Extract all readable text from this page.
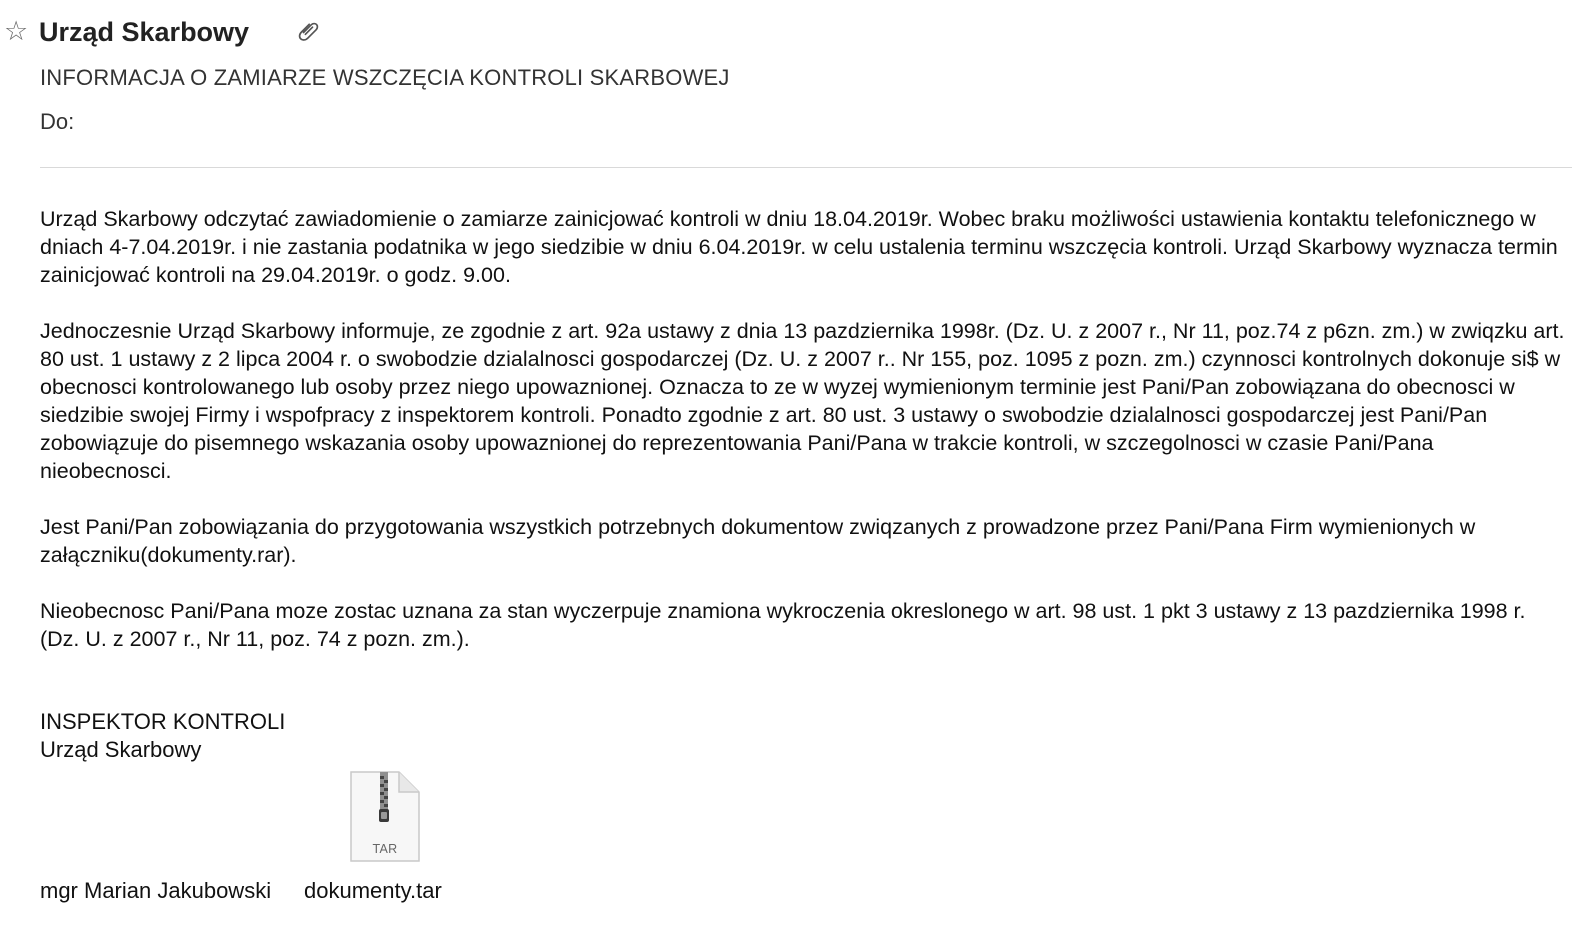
☆ Urząd Skarbowy
INFORMACJA O ZAMIARZE WSZCZĘCIA KONTROLI SKARBOWEJ
Do:

Urząd Skarbowy odczytać zawiadomienie o zamiarze zainicjować kontroli w dniu 18.04.2019r. Wobec braku możliwości ustawienia kontaktu telefonicznego w dniach 4-7.04.2019r. i nie zastania podatnika w jego siedzibie w dniu 6.04.2019r. w celu ustalenia terminu wszczęcia kontroli. Urząd Skarbowy wyznacza termin zainicjować kontroli na 29.04.2019r. o godz. 9.00.

Jednoczesnie Urząd Skarbowy informuje, ze zgodnie z art. 92a ustawy z dnia 13 pazdziernika 1998r. (Dz. U. z 2007 r., Nr 11, poz.74 z p6zn. zm.) w zwiqzku art. 80 ust. 1 ustawy z 2 lipca 2004 r. o swobodzie dzialalnosci gospodarczej (Dz. U. z 2007 r.. Nr 155, poz. 1095 z pozn. zm.) czynnosci kontrolnych dokonuje si$ w obecnosci kontrolowanego lub osoby przez niego upowaznionej. Oznacza to ze w wyzej wymienionym terminie jest Pani/Pan zobowiązana do obecnosci w siedzibie swojej Firmy i wspofpracy z inspektorem kontroli. Ponadto zgodnie z art. 80 ust. 3 ustawy o swobodzie dzialalnosci gospodarczej jest Pani/Pan zobowiązuje do pisemnego wskazania osoby upowaznionej do reprezentowania Pani/Pana w trakcie kontroli, w szczegolnosci w czasie Pani/Pana nieobecnosci.

Jest Pani/Pan zobowiązania do przygotowania wszystkich potrzebnych dokumentow zwiqzanych z prowadzone przez Pani/Pana Firm wymienionych w załączniku(dokumenty.rar).

Nieobecnosc Pani/Pana moze zostac uznana za stan wyczerpuje znamiona wykroczenia okreslonego w art. 98 ust. 1 pkt 3 ustawy z 13 pazdziernika 1998 r. (Dz. U. z 2007 r., Nr 11, poz. 74 z pozn. zm.).

INSPEKTOR KONTROLI
Urząd Skarbowy
mgr Marian Jakubowski
TAR
dokumenty.tar
